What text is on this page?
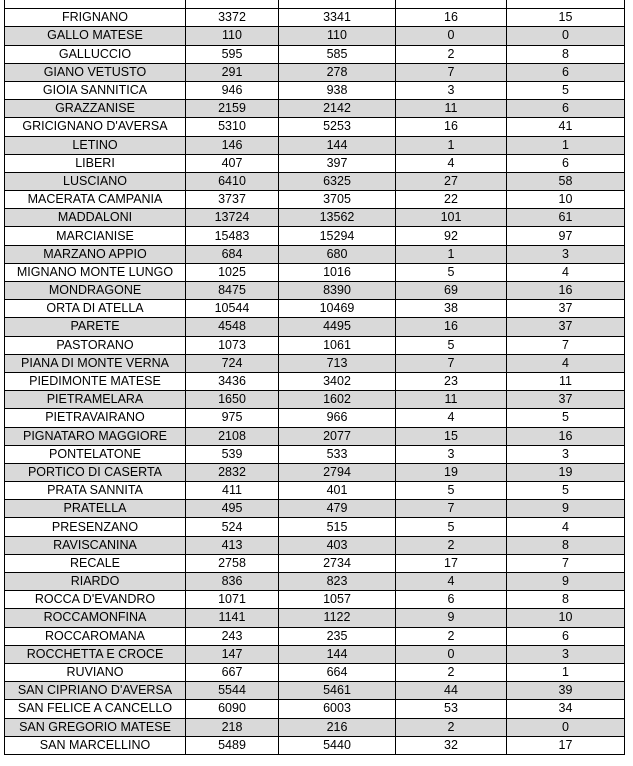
FRIGNANO	3372	3341	16	15
GALLO MATESE	110	110	0	0
GALLUCCIO	595	585	2	8
GIANO VETUSTO	291	278	7	6
GIOIA SANNITICA	946	938	3	5
GRAZZANISE	2159	2142	11	6
GRICIGNANO D'AVERSA	5310	5253	16	41
LETINO	146	144	1	1
LIBERI	407	397	4	6
LUSCIANO	6410	6325	27	58
MACERATA CAMPANIA	3737	3705	22	10
MADDALONI	13724	13562	101	61
MARCIANISE	15483	15294	92	97
MARZANO APPIO	684	680	1	3
MIGNANO MONTE LUNGO	1025	1016	5	4
MONDRAGONE	8475	8390	69	16
ORTA DI ATELLA	10544	10469	38	37
PARETE	4548	4495	16	37
PASTORANO	1073	1061	5	7
PIANA DI MONTE VERNA	724	713	7	4
PIEDIMONTE MATESE	3436	3402	23	11
PIETRAMELARA	1650	1602	11	37
PIETRAVAIRANO	975	966	4	5
PIGNATARO MAGGIORE	2108	2077	15	16
PONTELATONE	539	533	3	3
PORTICO DI CASERTA	2832	2794	19	19
PRATA SANNITA	411	401	5	5
PRATELLA	495	479	7	9
PRESENZANO	524	515	5	4
RAVISCANINA	413	403	2	8
RECALE	2758	2734	17	7
RIARDO	836	823	4	9
ROCCA D'EVANDRO	1071	1057	6	8
ROCCAMONFINA	1141	1122	9	10
ROCCAROMANA	243	235	2	6
ROCCHETTA E CROCE	147	144	0	3
RUVIANO	667	664	2	1
SAN CIPRIANO D'AVERSA	5544	5461	44	39
SAN FELICE A CANCELLO	6090	6003	53	34
SAN GREGORIO MATESE	218	216	2	0
SAN MARCELLINO	5489	5440	32	17
